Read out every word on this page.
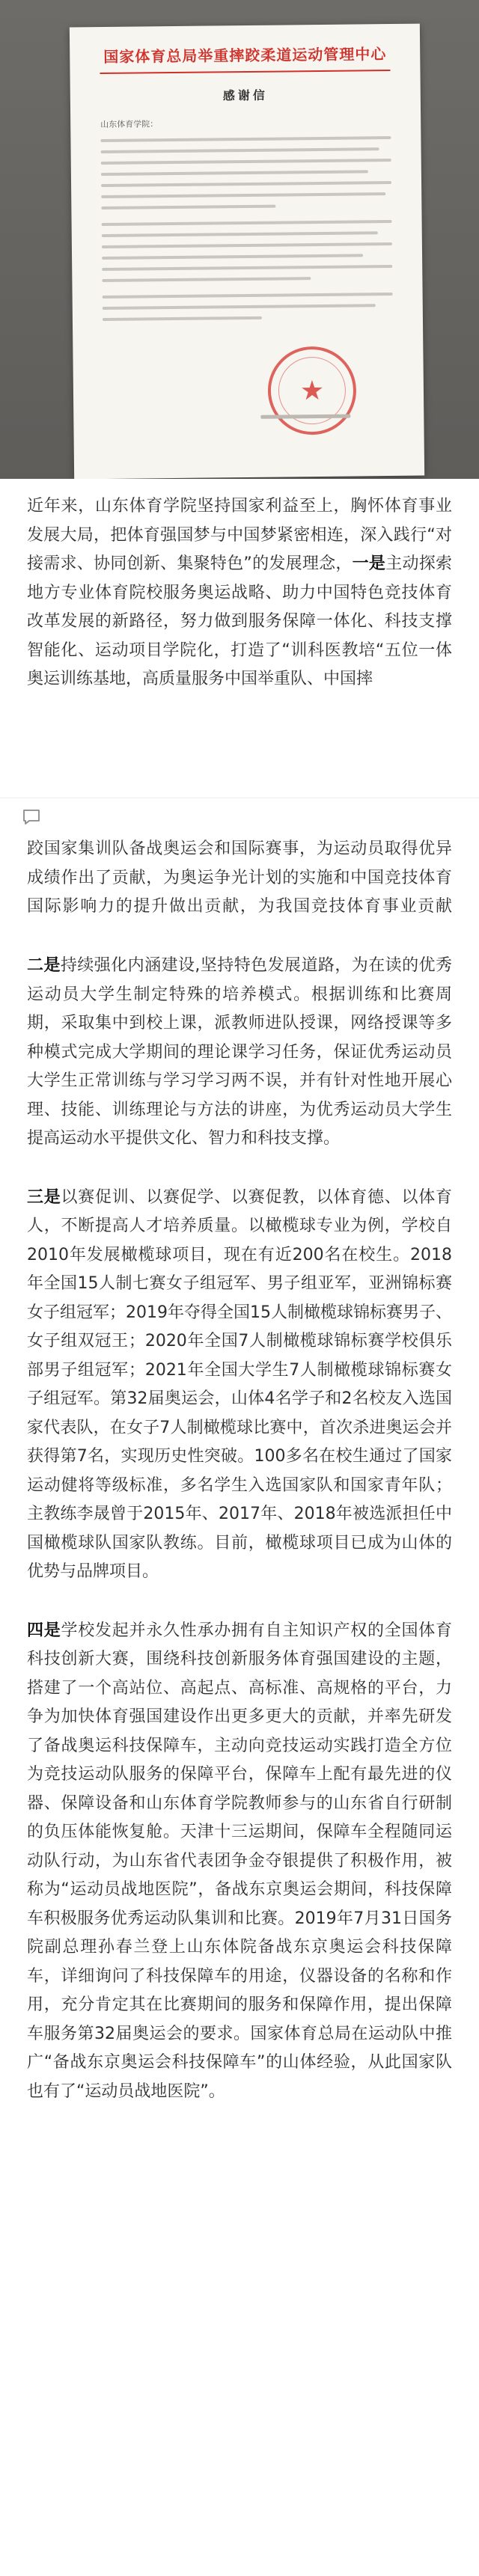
国家体育总局举重摔跤柔道运动管理中心
感谢信
山东体育学院：
★
近年来，山东体育学院坚持国家利益至上，胸怀体育事业发展大局，把体育强国梦与中国梦紧密相连，深入践行“对接需求、协同创新、集聚特色”的发展理念，一是主动探索地方专业体育院校服务奥运战略、助力中国特色竞技体育改革发展的新路径，努力做到服务保障一体化、科技支撑智能化、运动项目学院化，打造了“训科医教培“五位一体奥运训练基地，高质量服务中国举重队、中国摔
跤国家集训队备战奥运会和国际赛事，为运动员取得优异成绩作出了贡献，为奥运争光计划的实施和中国竞技体育国际影响力的提升做出贡献，为我国竞技体育事业贡献
二是持续强化内涵建设,坚持特色发展道路，为在读的优秀运动员大学生制定特殊的培养模式。根据训练和比赛周期，采取集中到校上课，派教师进队授课，网络授课等多种模式完成大学期间的理论课学习任务，保证优秀运动员大学生正常训练与学习学习两不误，并有针对性地开展心理、技能、训练理论与方法的讲座，为优秀运动员大学生提高运动水平提供文化、智力和科技支撑。
三是以赛促训、以赛促学、以赛促教，以体育德、以体育人，不断提高人才培养质量。以橄榄球专业为例，学校自2010年发展橄榄球项目，现在有近200名在校生。2018年全国15人制七赛女子组冠军、男子组亚军，亚洲锦标赛女子组冠军；2019年夺得全国15人制橄榄球锦标赛男子、女子组双冠王；2020年全国7人制橄榄球锦标赛学校俱乐部男子组冠军；2021年全国大学生7人制橄榄球锦标赛女子组冠军。第32届奥运会，山体4名学子和2名校友入选国家代表队，在女子7人制橄榄球比赛中，首次杀进奥运会并获得第7名，实现历史性突破。100多名在校生通过了国家运动健将等级标准，多名学生入选国家队和国家青年队；主教练李晟曾于2015年、2017年、2018年被选派担任中国橄榄球队国家队教练。目前，橄榄球项目已成为山体的优势与品牌项目。
四是学校发起并永久性承办拥有自主知识产权的全国体育科技创新大赛，围绕科技创新服务体育强国建设的主题，搭建了一个高站位、高起点、高标准、高规格的平台，力争为加快体育强国建设作出更多更大的贡献，并率先研发了备战奥运科技保障车，主动向竞技运动实践打造全方位为竞技运动队服务的保障平台，保障车上配有最先进的仪器、保障设备和山东体育学院教师参与的山东省自行研制的负压体能恢复舱。天津十三运期间，保障车全程随同运动队行动，为山东省代表团争金夺银提供了积极作用，被称为“运动员战地医院”，备战东京奥运会期间，科技保障车积极服务优秀运动队集训和比赛。2019年7月31日国务院副总理孙春兰登上山东体院备战东京奥运会科技保障车，详细询问了科技保障车的用途，仪器设备的名称和作用，充分肯定其在比赛期间的服务和保障作用，提出保障车服务第32届奥运会的要求。国家体育总局在运动队中推广“备战东京奥运会科技保障车”的山体经验，从此国家队也有了“运动员战地医院”。
